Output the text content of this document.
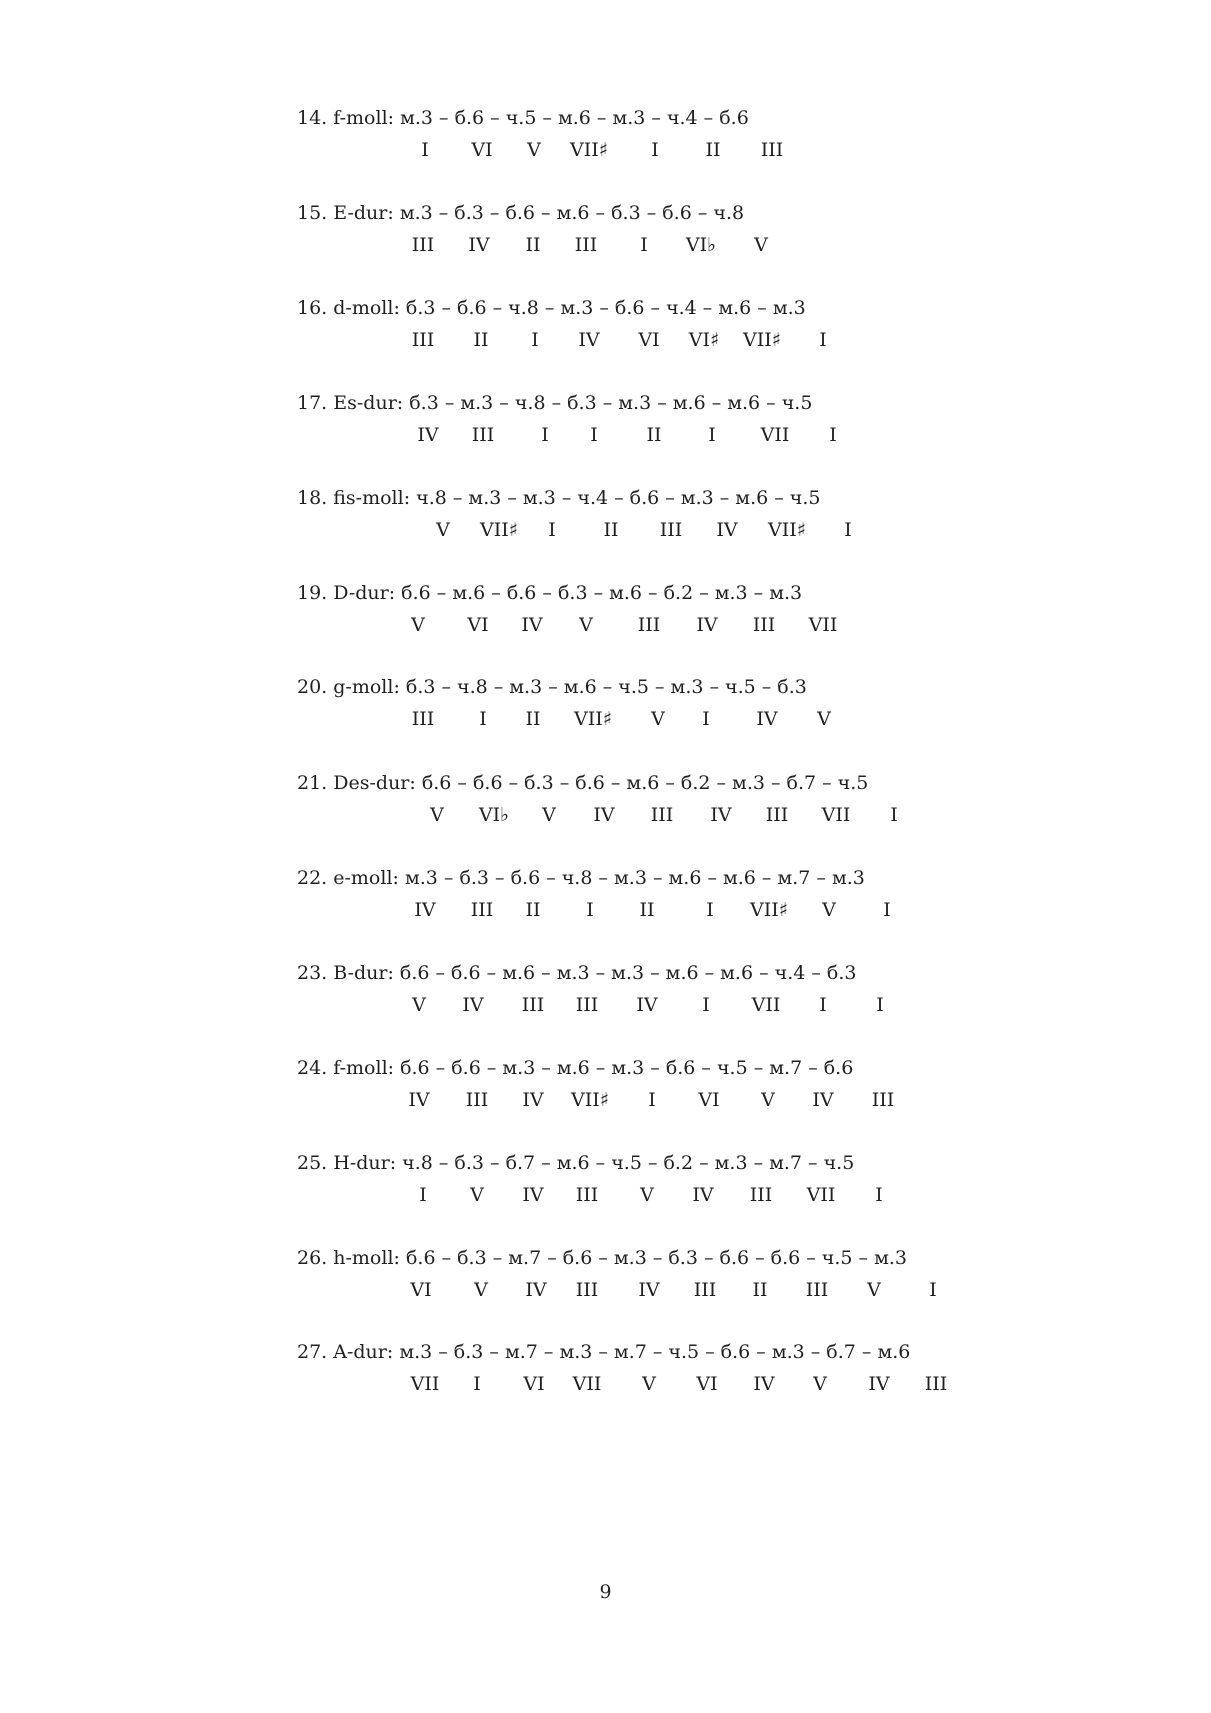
14. f-moll: м.3 – б.6 – ч.5 – м.6 – м.3 – ч.4 – б.6
I VI V VII♯ I II III
15. E-dur: м.3 – б.3 – б.6 – м.6 – б.3 – б.6 – ч.8
III IV II III I VI♭ V
16. d-moll: б.3 – б.6 – ч.8 – м.3 – б.6 – ч.4 – м.6 – м.3
III II I IV VI VI♯ VII♯ I
17. Es-dur: б.3 – м.3 – ч.8 – б.3 – м.3 – м.6 – м.6 – ч.5
IV III I I	II I VII I
18. fis-moll: ч.8 – м.3 – м.3 – ч.4 – б.6 – м.3 – м.6 – ч.5
V VII♯ I	II III IV VII♯ I
19. D-dur: б.6 – м.6 – б.6 – б.3 – м.6 – б.2 – м.3 – м.3
V VI IV V III IV III VII
20. g-moll: б.3 – ч.8 – м.3 – м.6 – ч.5 – м.3 – ч.5 – б.3
III I II VII♯ V I IV V
21. Des-dur: б.6 – б.6 – б.3 – б.6 – м.6 – б.2 – м.3 – б.7 – ч.5
V VI♭ V IV III IV III VII I
22. e-moll: м.3 – б.3 – б.6 – ч.8 – м.3 – м.6 – м.6 – м.7 – м.3
IV III II I II	I VII♯ V I
23. B-dur: б.6 – б.6 – м.6 – м.3 – м.3 – м.6 – м.6 – ч.4 – б.3
V IV III III IV I VII I	I
24. f-moll: б.6 – б.6 – м.3 – м.6 – м.3 – б.6 – ч.5 – м.7 – б.6
IV III IV VII♯ I VI V IV III
25. H-dur: ч.8 – б.3 – б.7 – м.6 – ч.5 – б.2 – м.3 – м.7 – ч.5
I V IV III V IV III VII I
26. h-moll: б.6 – б.3 – м.7 – б.6 – м.3 – б.3 – б.6 – б.6 – ч.5 – м.3
VI V IV III IV III II III V	I
27. A-dur: м.3 – б.3 – м.7 – м.3 – м.7 – ч.5 – б.6 – м.3 – б.7 – м.6
VII I VI VII V VI IV V IV III
9
